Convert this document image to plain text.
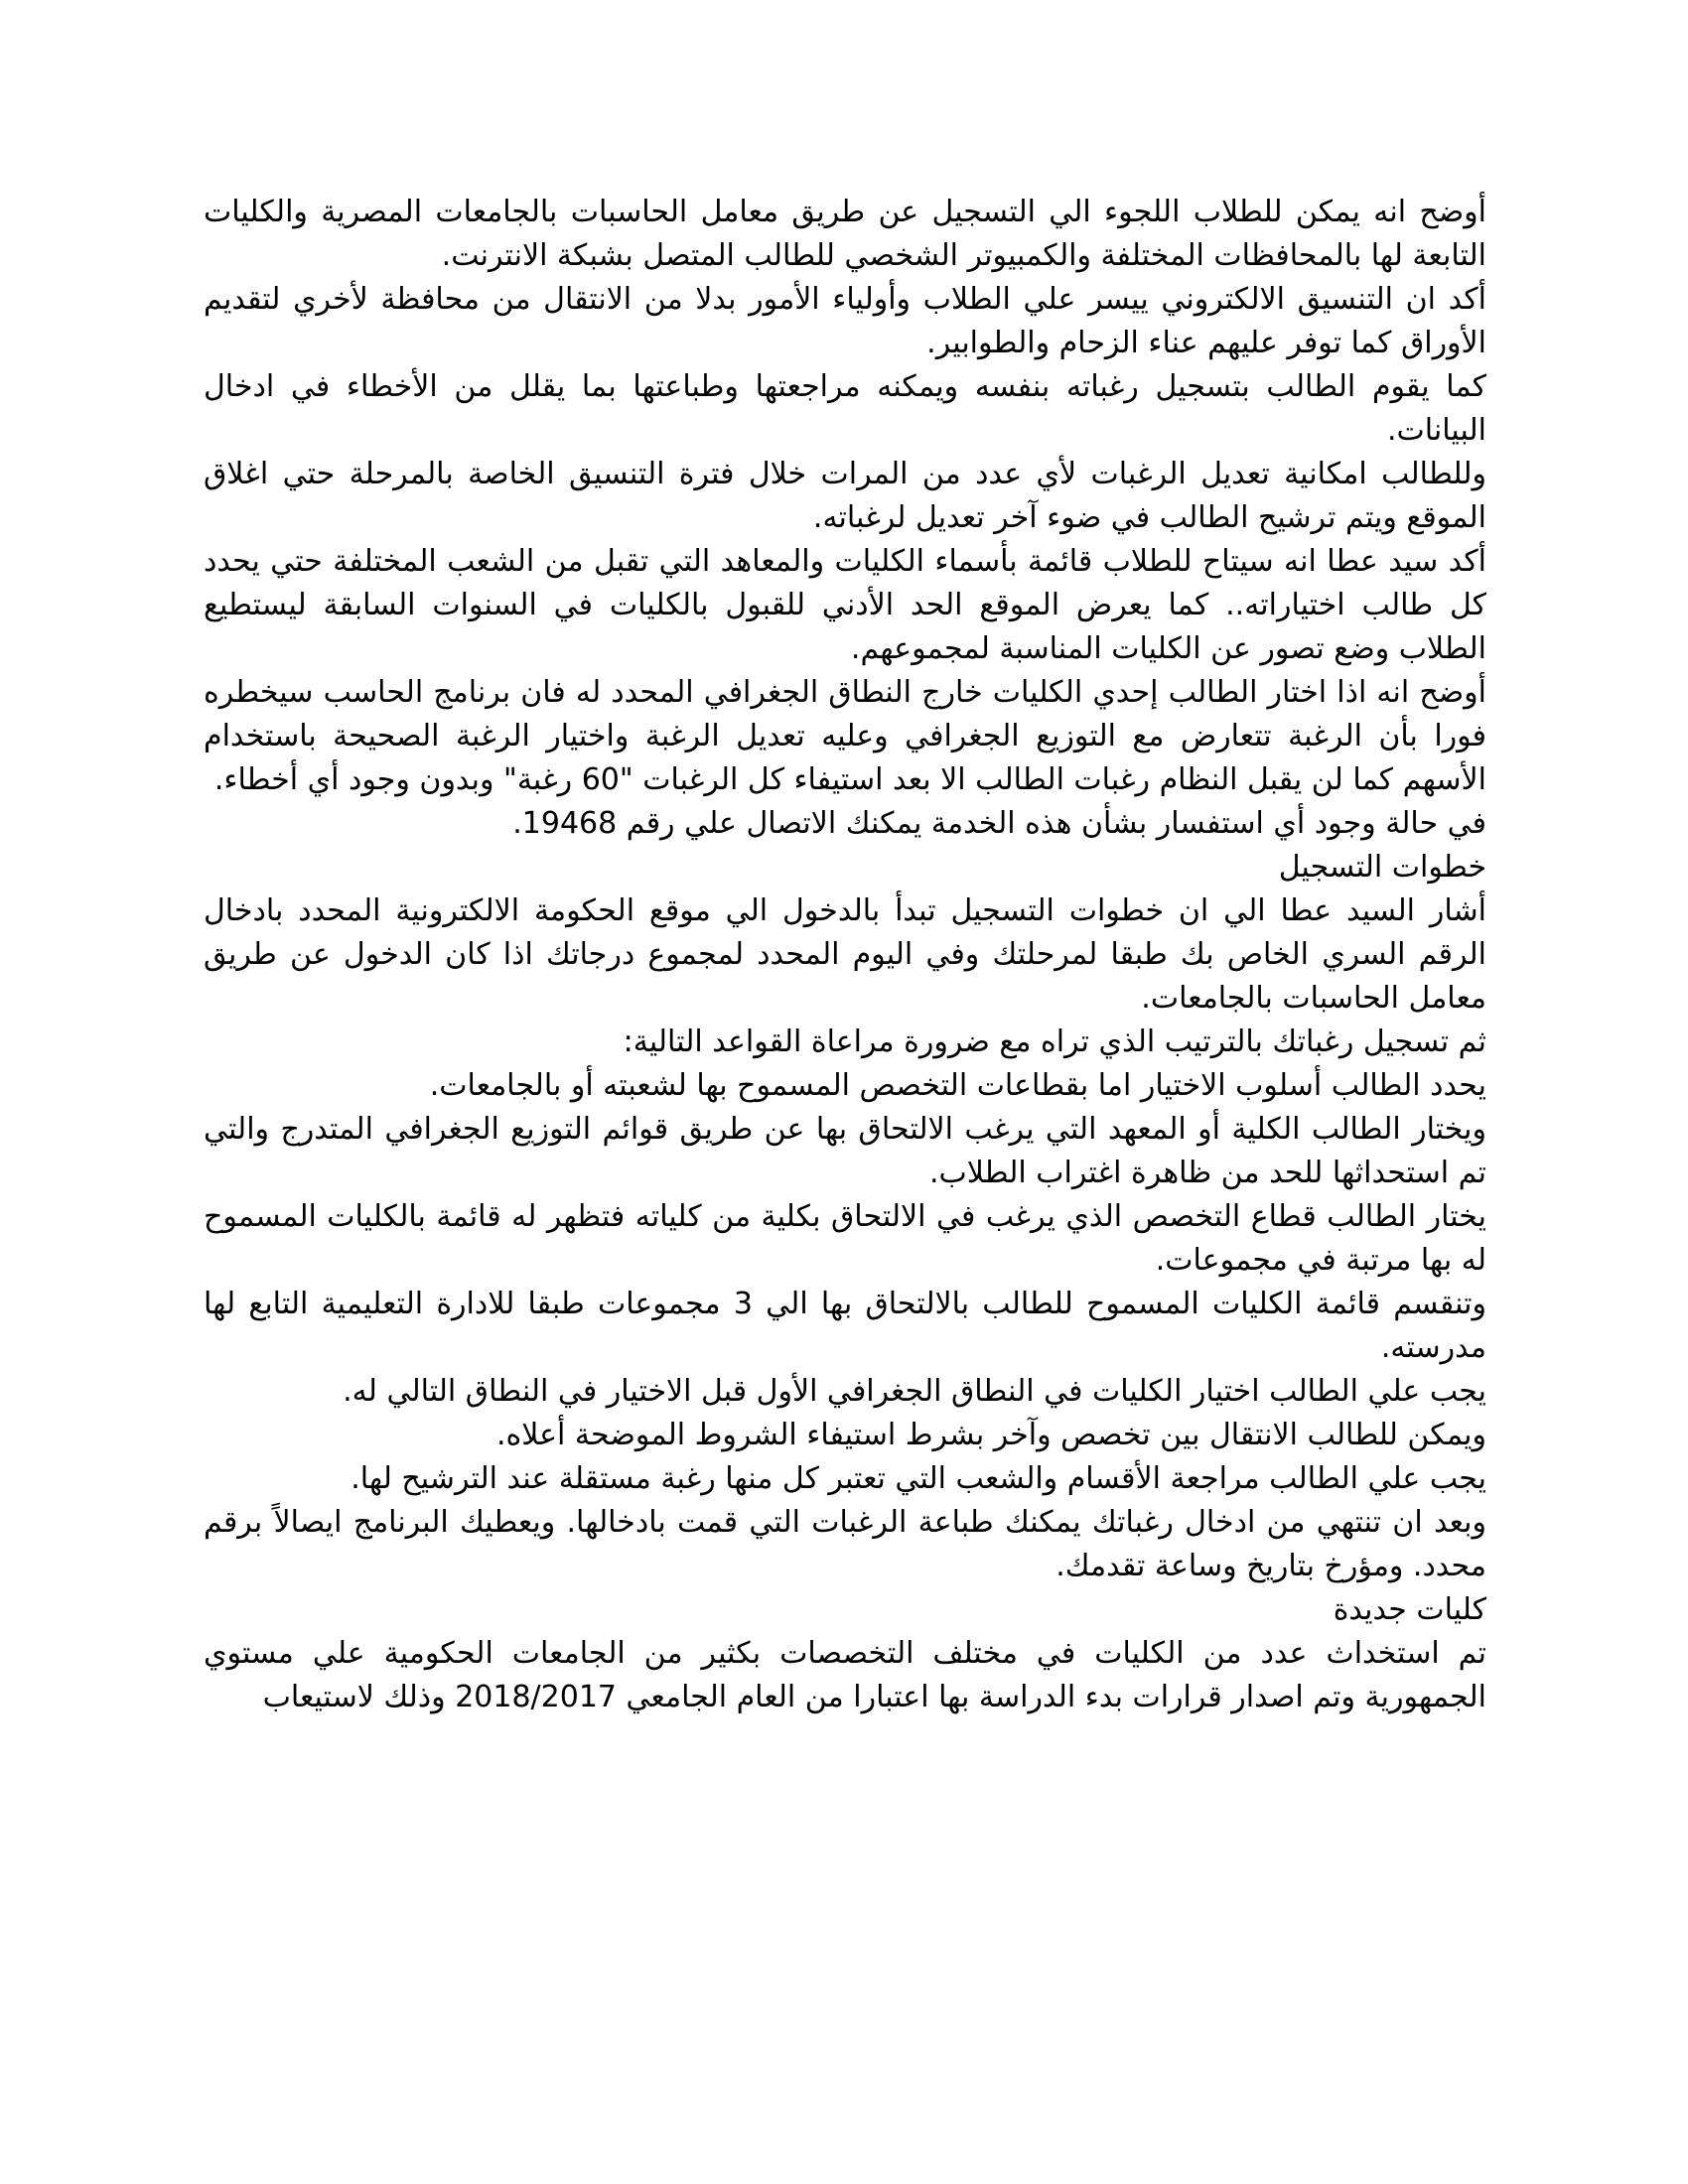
أوضح انه يمكن للطلاب اللجوء الي التسجيل عن طريق معامل الحاسبات بالجامعات المصرية والكليات التابعة لها بالمحافظات المختلفة والكمبيوتر الشخصي للطالب المتصل بشبكة الانترنت.

أكد ان التنسيق الالكتروني ييسر علي الطلاب وأولياء الأمور بدلا من الانتقال من محافظة لأخري لتقديم الأوراق كما توفر عليهم عناء الزحام والطوابير.

كما يقوم الطالب بتسجيل رغباته بنفسه ويمكنه مراجعتها وطباعتها بما يقلل من الأخطاء في ادخال البيانات.

وللطالب امكانية تعديل الرغبات لأي عدد من المرات خلال فترة التنسيق الخاصة بالمرحلة حتي اغلاق الموقع ويتم ترشيح الطالب في ضوء آخر تعديل لرغباته.

أكد سيد عطا انه سيتاح للطلاب قائمة بأسماء الكليات والمعاهد التي تقبل من الشعب المختلفة حتي يحدد كل طالب اختياراته.. كما يعرض الموقع الحد الأدني للقبول بالكليات في السنوات السابقة ليستطيع الطلاب وضع تصور عن الكليات المناسبة لمجموعهم.

أوضح انه اذا اختار الطالب إحدي الكليات خارج النطاق الجغرافي المحدد له فان برنامج الحاسب سيخطره فورا بأن الرغبة تتعارض مع التوزيع الجغرافي وعليه تعديل الرغبة واختيار الرغبة الصحيحة باستخدام الأسهم كما لن يقبل النظام رغبات الطالب الا بعد استيفاء كل الرغبات "60 رغبة" وبدون وجود أي أخطاء.

في حالة وجود أي استفسار بشأن هذه الخدمة يمكنك الاتصال علي رقم 19468.

خطوات التسجيل

أشار السيد عطا الي ان خطوات التسجيل تبدأ بالدخول الي موقع الحكومة الالكترونية المحدد بادخال الرقم السري الخاص بك طبقا لمرحلتك وفي اليوم المحدد لمجموع درجاتك اذا كان الدخول عن طريق معامل الحاسبات بالجامعات.

ثم تسجيل رغباتك بالترتيب الذي تراه مع ضرورة مراعاة القواعد التالية:

يحدد الطالب أسلوب الاختيار اما بقطاعات التخصص المسموح بها لشعبته أو بالجامعات.

ويختار الطالب الكلية أو المعهد التي يرغب الالتحاق بها عن طريق قوائم التوزيع الجغرافي المتدرج والتي تم استحداثها للحد من ظاهرة اغتراب الطلاب.

يختار الطالب قطاع التخصص الذي يرغب في الالتحاق بكلية من كلياته فتظهر له قائمة بالكليات المسموح له بها مرتبة في مجموعات.

وتنقسم قائمة الكليات المسموح للطالب بالالتحاق بها الي 3 مجموعات طبقا للادارة التعليمية التابع لها مدرسته.

يجب علي الطالب اختيار الكليات في النطاق الجغرافي الأول قبل الاختيار في النطاق التالي له.

ويمكن للطالب الانتقال بين تخصص وآخر بشرط استيفاء الشروط الموضحة أعلاه.

يجب علي الطالب مراجعة الأقسام والشعب التي تعتبر كل منها رغبة مستقلة عند الترشيح لها.

وبعد ان تنتهي من ادخال رغباتك يمكنك طباعة الرغبات التي قمت بادخالها. ويعطيك البرنامج ايصالاً برقم محدد. ومؤرخ بتاريخ وساعة تقدمك.

كليات جديدة

تم استخداث عدد من الكليات في مختلف التخصصات بكثير من الجامعات الحكومية علي مستوي الجمهورية وتم اصدار قرارات بدء الدراسة بها اعتبارا من العام الجامعي 2018/2017 وذلك لاستيعاب
